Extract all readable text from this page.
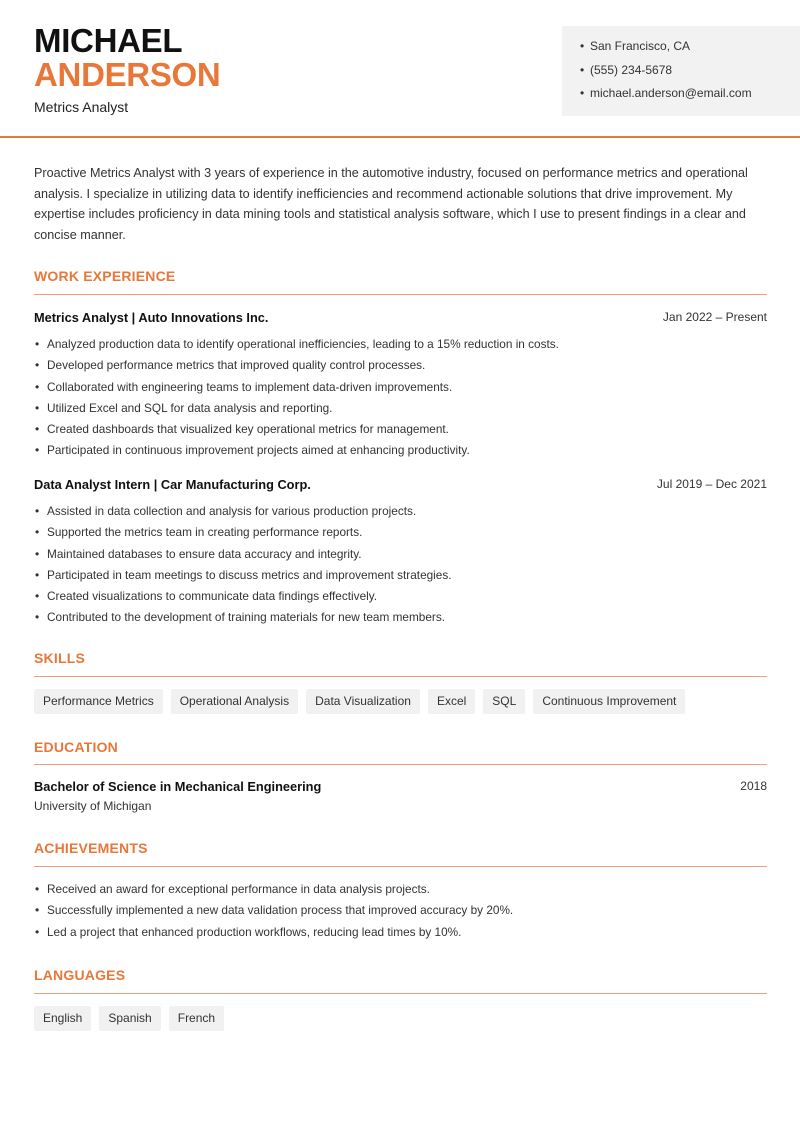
MICHAEL
ANDERSON
Metrics Analyst
• San Francisco, CA
• (555) 234-5678
• michael.anderson@email.com
Proactive Metrics Analyst with 3 years of experience in the automotive industry, focused on performance metrics and operational analysis. I specialize in utilizing data to identify inefficiencies and recommend actionable solutions that drive improvement. My expertise includes proficiency in data mining tools and statistical analysis software, which I use to present findings in a clear and concise manner.
WORK EXPERIENCE
Metrics Analyst | Auto Innovations Inc.	Jan 2022 – Present
• Analyzed production data to identify operational inefficiencies, leading to a 15% reduction in costs.
• Developed performance metrics that improved quality control processes.
• Collaborated with engineering teams to implement data-driven improvements.
• Utilized Excel and SQL for data analysis and reporting.
• Created dashboards that visualized key operational metrics for management.
• Participated in continuous improvement projects aimed at enhancing productivity.
Data Analyst Intern | Car Manufacturing Corp.	Jul 2019 – Dec 2021
• Assisted in data collection and analysis for various production projects.
• Supported the metrics team in creating performance reports.
• Maintained databases to ensure data accuracy and integrity.
• Participated in team meetings to discuss metrics and improvement strategies.
• Created visualizations to communicate data findings effectively.
• Contributed to the development of training materials for new team members.
SKILLS
Performance Metrics	Operational Analysis	Data Visualization	Excel	SQL	Continuous Improvement
EDUCATION
Bachelor of Science in Mechanical Engineering	2018
University of Michigan
ACHIEVEMENTS
• Received an award for exceptional performance in data analysis projects.
• Successfully implemented a new data validation process that improved accuracy by 20%.
• Led a project that enhanced production workflows, reducing lead times by 10%.
LANGUAGES
English	Spanish	French
